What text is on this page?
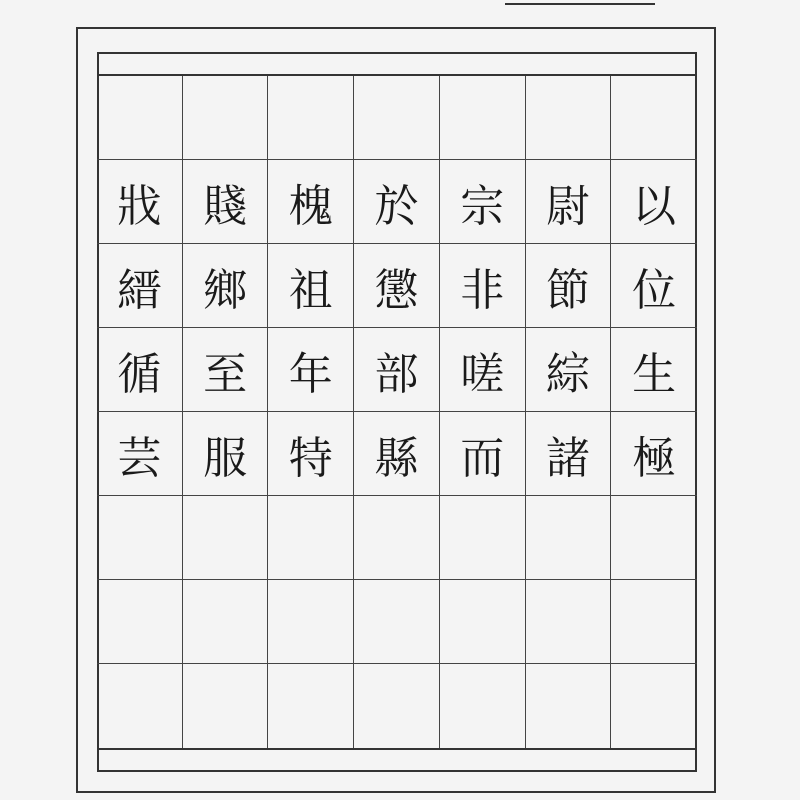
戕 賤 槐 於 宗 尉 以
縉 鄉 祖 懲 非 節 位
循 至 年 部 嗟 綜 生
芸 服 特 縣 而 諸 極
